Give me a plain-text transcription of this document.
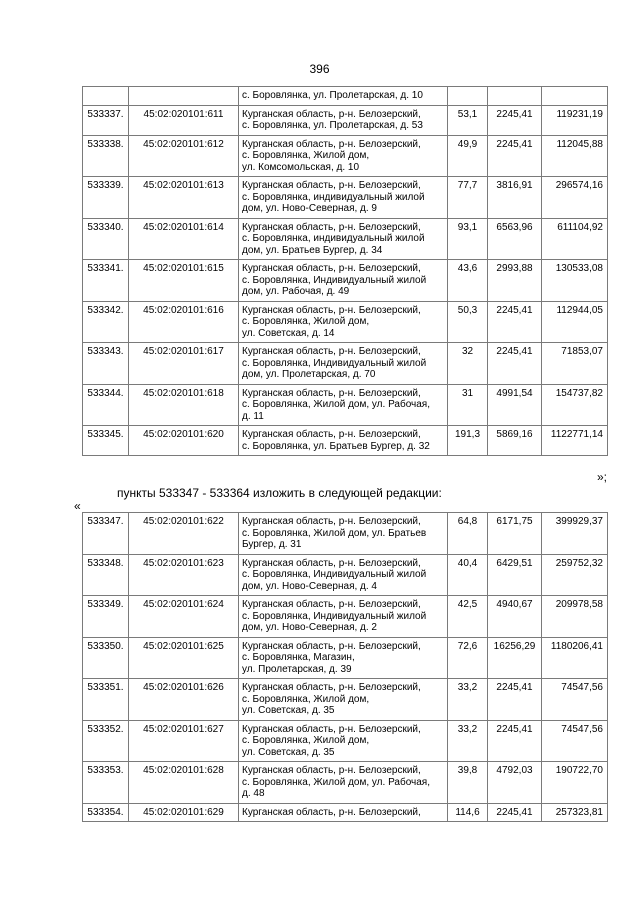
396
		с. Боровлянка, ул. Пролетарская, д. 10			
533337.	45:02:020101:611	Курганская область, р-н. Белозерский,
с. Боровлянка, ул. Пролетарская, д. 53	53,1	2245,41	119231,19
533338.	45:02:020101:612	Курганская область, р-н. Белозерский,
с. Боровлянка, Жилой дом,
ул. Комсомольская, д. 10	49,9	2245,41	112045,88
533339.	45:02:020101:613	Курганская область, р-н. Белозерский,
с. Боровлянка, индивидуальный жилой
дом, ул. Ново-Северная, д. 9	77,7	3816,91	296574,16
533340.	45:02:020101:614	Курганская область, р-н. Белозерский,
с. Боровлянка, индивидуальный жилой
дом, ул. Братьев Бургер, д. 34	93,1	6563,96	611104,92
533341.	45:02:020101:615	Курганская область, р-н. Белозерский,
с. Боровлянка, Индивидуальный жилой
дом, ул. Рабочая, д. 49	43,6	2993,88	130533,08
533342.	45:02:020101:616	Курганская область, р-н. Белозерский,
с. Боровлянка, Жилой дом,
ул. Советская, д. 14	50,3	2245,41	112944,05
533343.	45:02:020101:617	Курганская область, р-н. Белозерский,
с. Боровлянка, Индивидуальный жилой
дом, ул. Пролетарская, д. 70	32	2245,41	71853,07
533344.	45:02:020101:618	Курганская область, р-н. Белозерский,
с. Боровлянка, Жилой дом, ул. Рабочая,
д. 11	31	4991,54	154737,82
533345.	45:02:020101:620	Курганская область, р-н. Белозерский,
с. Боровлянка, ул. Братьев Бургер, д. 32	191,3	5869,16	1122771,14
»;
пункты 533347 - 533364 изложить в следующей редакции:
«
533347.	45:02:020101:622	Курганская область, р-н. Белозерский,
с. Боровлянка, Жилой дом, ул. Братьев
Бургер, д. 31	64,8	6171,75	399929,37
533348.	45:02:020101:623	Курганская область, р-н. Белозерский,
с. Боровлянка, Индивидуальный жилой
дом, ул. Ново-Северная, д. 4	40,4	6429,51	259752,32
533349.	45:02:020101:624	Курганская область, р-н. Белозерский,
с. Боровлянка, Индивидуальный жилой
дом, ул. Ново-Северная, д. 2	42,5	4940,67	209978,58
533350.	45:02:020101:625	Курганская область, р-н. Белозерский,
с. Боровлянка, Магазин,
ул. Пролетарская, д. 39	72,6	16256,29	1180206,41
533351.	45:02:020101:626	Курганская область, р-н. Белозерский,
с. Боровлянка, Жилой дом,
ул. Советская, д. 35	33,2	2245,41	74547,56
533352.	45:02:020101:627	Курганская область, р-н. Белозерский,
с. Боровлянка, Жилой дом,
ул. Советская, д. 35	33,2	2245,41	74547,56
533353.	45:02:020101:628	Курганская область, р-н. Белозерский,
с. Боровлянка, Жилой дом, ул. Рабочая,
д. 48	39,8	4792,03	190722,70
533354.	45:02:020101:629	Курганская область, р-н. Белозерский,	114,6	2245,41	257323,81
